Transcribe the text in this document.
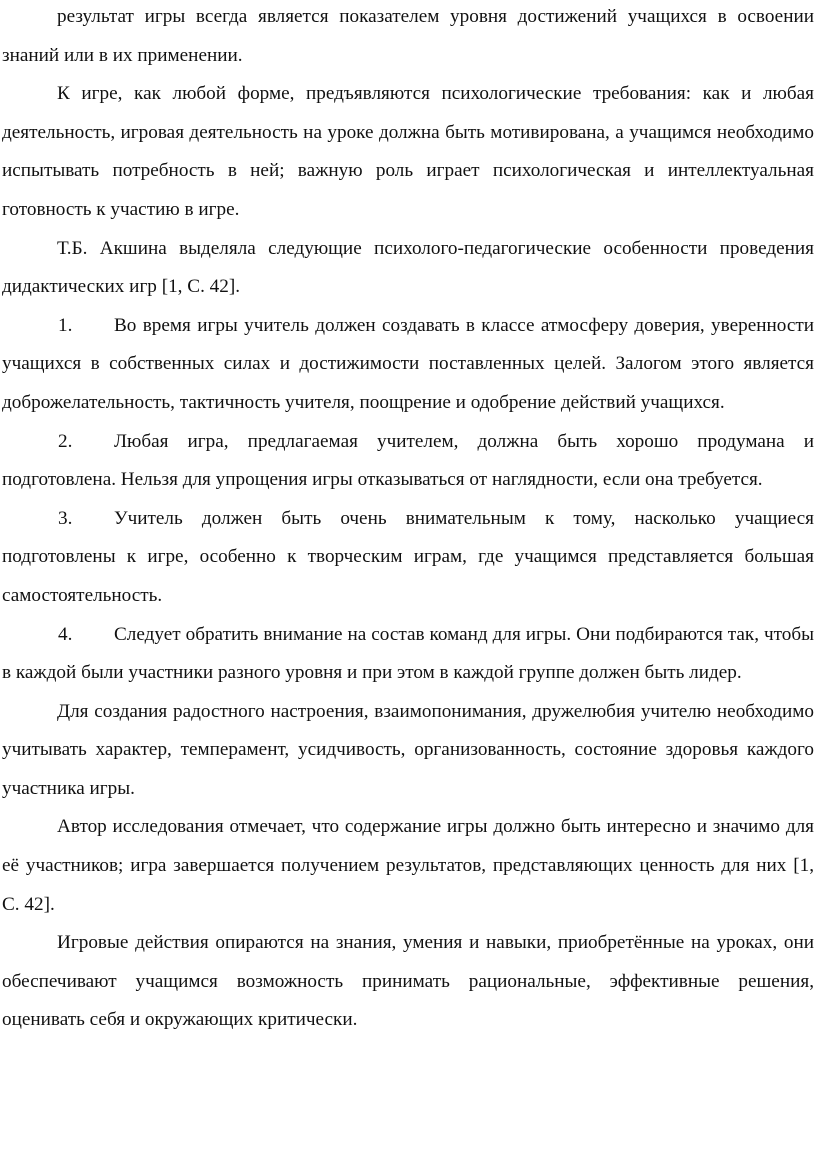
результат игры всегда является показателем уровня достижений учащихся в освоении знаний или в их применении.

К игре, как любой форме, предъявляются психологические требования: как и любая деятельность, игровая деятельность на уроке должна быть мотивирована, а учащимся необходимо испытывать потребность в ней; важную роль играет психологическая и интеллектуальная готовность к участию в игре.

Т.Б. Акшина выделяла следующие психолого-педагогические особенности проведения дидактических игр [1, С. 42].

1. Во время игры учитель должен создавать в классе атмосферу доверия, уверенности учащихся в собственных силах и достижимости поставленных целей. Залогом этого является доброжелательность, тактичность учителя, поощрение и одобрение действий учащихся.

2. Любая игра, предлагаемая учителем, должна быть хорошо продумана и подготовлена. Нельзя для упрощения игры отказываться от наглядности, если она требуется.

3. Учитель должен быть очень внимательным к тому, насколько учащиеся подготовлены к игре, особенно к творческим играм, где учащимся представляется большая самостоятельность.

4. Следует обратить внимание на состав команд для игры. Они подбираются так, чтобы в каждой были участники разного уровня и при этом в каждой группе должен быть лидер.

Для создания радостного настроения, взаимопонимания, дружелюбия учителю необходимо учитывать характер, темперамент, усидчивость, организованность, состояние здоровья каждого участника игры.

Автор исследования отмечает, что содержание игры должно быть интересно и значимо для её участников; игра завершается получением результатов, представляющих ценность для них [1, С. 42].

Игровые действия опираются на знания, умения и навыки, приобретённые на уроках, они обеспечивают учащимся возможность принимать рациональные, эффективные решения, оценивать себя и окружающих критически.
